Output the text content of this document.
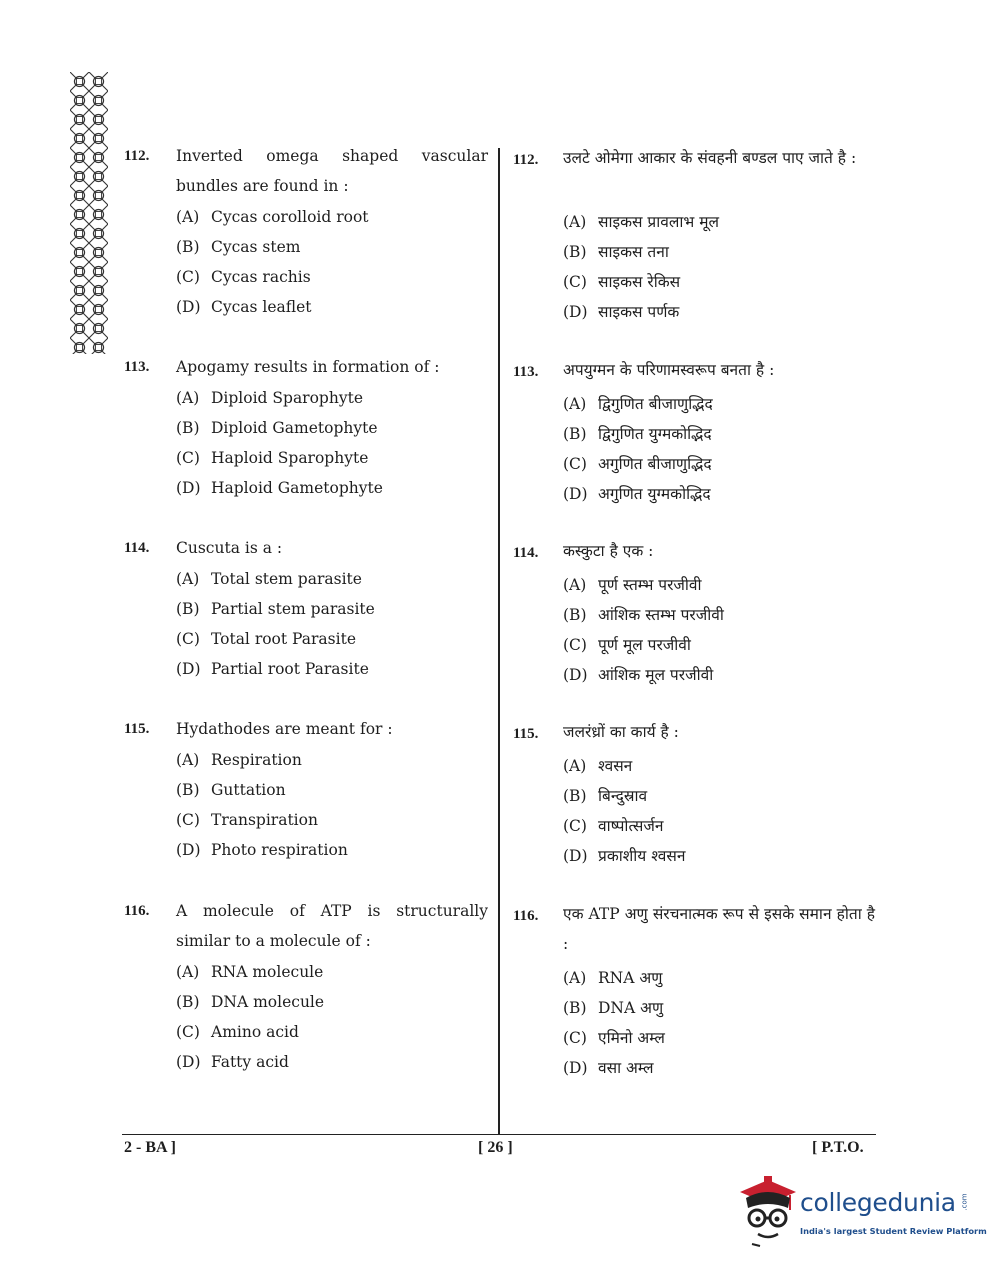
112. Inverted omega shaped vascular bundles are found in :
(A) Cycas corolloid root
(B) Cycas stem
(C) Cycas rachis
(D) Cycas leaflet
113. Apogamy results in formation of :
(A) Diploid Sparophyte
(B) Diploid Gametophyte
(C) Haploid Sparophyte
(D) Haploid Gametophyte
114. Cuscuta is a :
(A) Total stem parasite
(B) Partial stem parasite
(C) Total root Parasite
(D) Partial root Parasite
115. Hydathodes are meant for :
(A) Respiration
(B) Guttation
(C) Transpiration
(D) Photo respiration
116. A molecule of ATP is structurally similar to a molecule of :
(A) RNA molecule
(B) DNA molecule
(C) Amino acid
(D) Fatty acid
112. उलटे ओमेगा आकार के संवहनी बण्डल पाए जाते है :
(A) साइकस प्रावलाभ मूल
(B) साइकस तना
(C) साइकस रेकिस
(D) साइकस पर्णक
113. अपयुग्मन के परिणामस्वरूप बनता है :
(A) द्विगुणित बीजाणुद्भिद
(B) द्विगुणित युग्मकोद्भिद
(C) अगुणित बीजाणुद्भिद
(D) अगुणित युग्मकोद्भिद
114. कस्कुटा है एक :
(A) पूर्ण स्तम्भ परजीवी
(B) आंशिक स्तम्भ परजीवी
(C) पूर्ण मूल परजीवी
(D) आंशिक मूल परजीवी
115. जलरंध्रों का कार्य है :
(A) श्वसन
(B) बिन्दुस्राव
(C) वाष्पोत्सर्जन
(D) प्रकाशीय श्वसन
116. एक ATP अणु संरचनात्मक रूप से इसके समान होता है :
(A) RNA अणु
(B) DNA अणु
(C) एमिनो अम्ल
(D) वसा अम्ल
2 - BA ]	[ 26 ]	[ P.T.O.
collegedunia .com
India's largest Student Review Platform
